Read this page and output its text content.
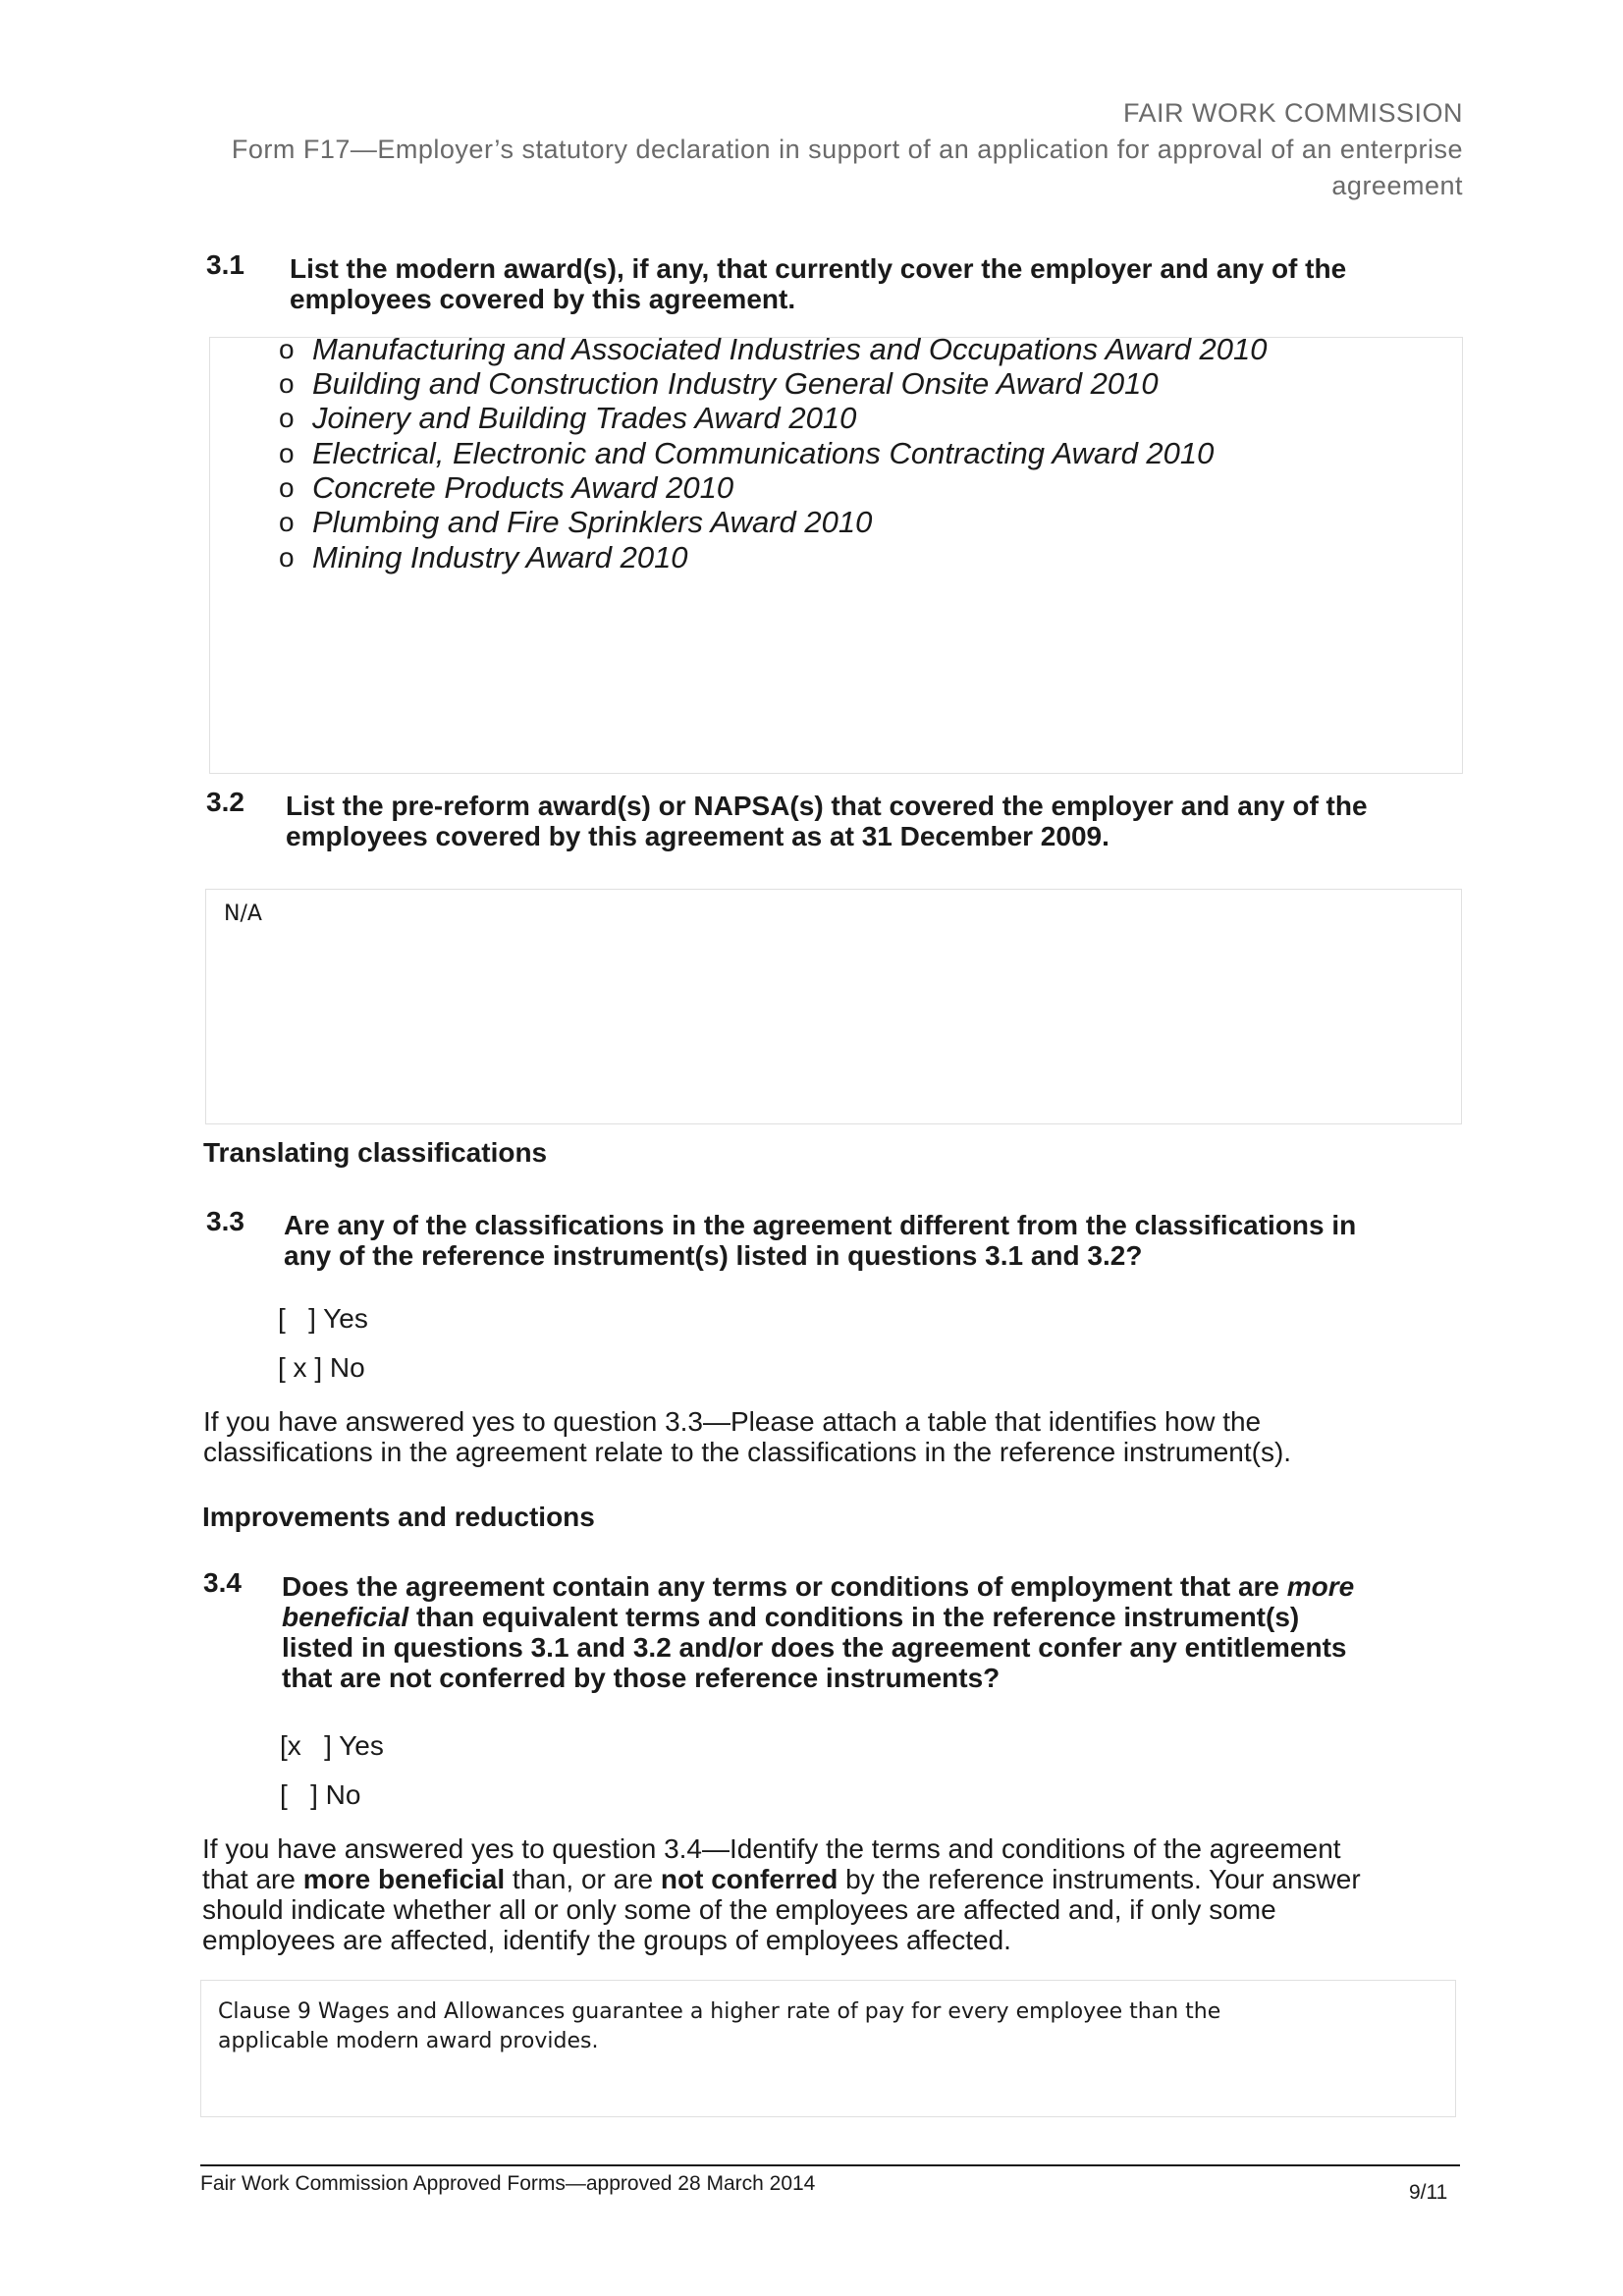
FAIR WORK COMMISSION
Form F17—Employer’s statutory declaration in support of an application for approval of an enterprise
agreement
3.1 List the modern award(s), if any, that currently cover the employer and any of the
employees covered by this agreement.
o Manufacturing and Associated Industries and Occupations Award 2010
o Building and Construction Industry General Onsite Award 2010
o Joinery and Building Trades Award 2010
o Electrical, Electronic and Communications Contracting Award 2010
o Concrete Products Award 2010
o Plumbing and Fire Sprinklers Award 2010
o Mining Industry Award 2010
3.2 List the pre-reform award(s) or NAPSA(s) that covered the employer and any of the
employees covered by this agreement as at 31 December 2009.
N/A
Translating classifications
3.3 Are any of the classifications in the agreement different from the classifications in
any of the reference instrument(s) listed in questions 3.1 and 3.2?
[   ] Yes
[ x ] No
If you have answered yes to question 3.3—Please attach a table that identifies how the
classifications in the agreement relate to the classifications in the reference instrument(s).
Improvements and reductions
3.4 Does the agreement contain any terms or conditions of employment that are more
beneficial than equivalent terms and conditions in the reference instrument(s)
listed in questions 3.1 and 3.2 and/or does the agreement confer any entitlements
that are not conferred by those reference instruments?
[x   ] Yes
[   ] No
If you have answered yes to question 3.4—Identify the terms and conditions of the agreement
that are more beneficial than, or are not conferred by the reference instruments. Your answer
should indicate whether all or only some of the employees are affected and, if only some
employees are affected, identify the groups of employees affected.
Clause 9 Wages and Allowances guarantee a higher rate of pay for every employee than the
applicable modern award provides.
Fair Work Commission Approved Forms—approved 28 March 2014	9/11
